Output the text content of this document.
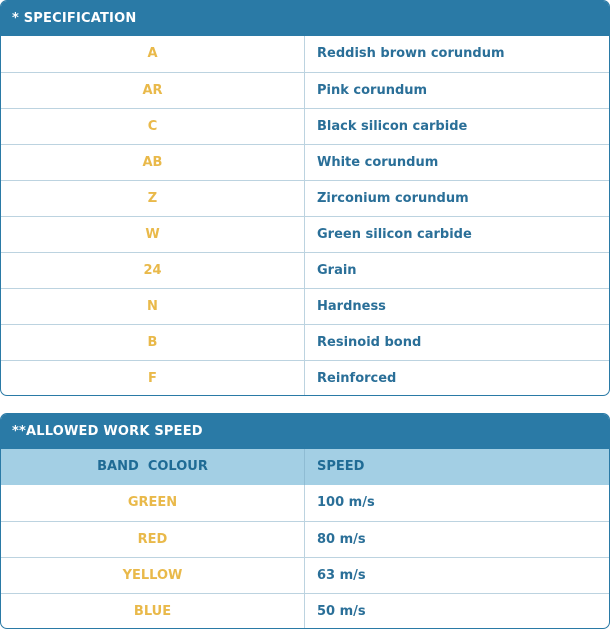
* SPECIFICATION
A	Reddish brown corundum
AR	Pink corundum
C	Black silicon carbide
AB	White corundum
Z	Zirconium corundum
W	Green silicon carbide
24	Grain
N	Hardness
B	Resinoid bond
F	Reinforced
**ALLOWED WORK SPEED
BAND  COLOUR	SPEED
GREEN	100 m/s
RED	80 m/s
YELLOW	63 m/s
BLUE	50 m/s
